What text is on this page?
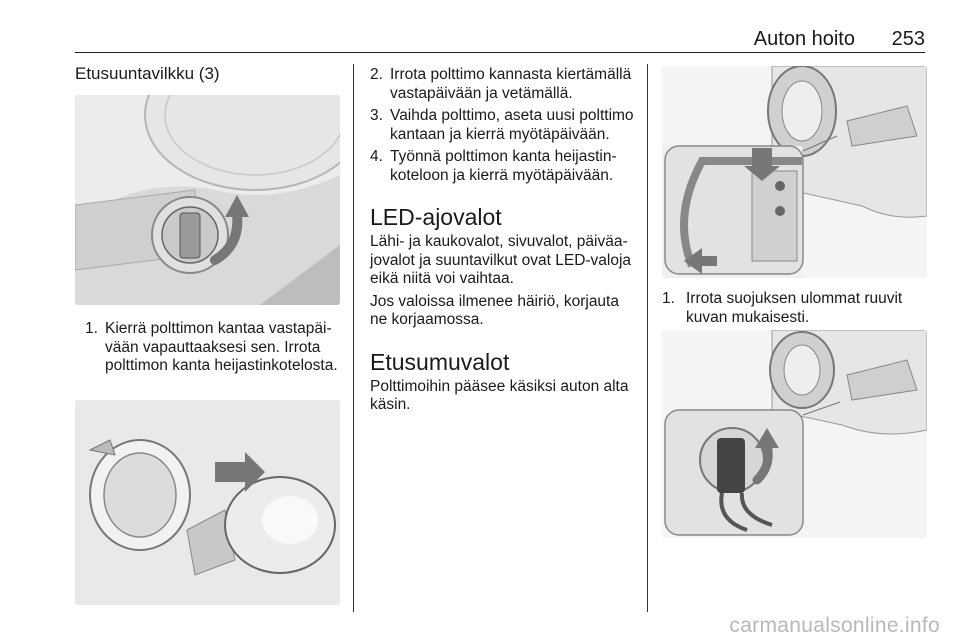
Auton hoito 253
Etusuuntavilkku (3)
1. Kierrä polttimon kantaa vastapäivään vapauttaaksesi sen. Irrota polttimon kanta heijastinkotelosta.
2. Irrota polttimo kannasta kiertämällä vastapäivään ja vetämällä.
3. Vaihda polttimo, aseta uusi polttimo kantaan ja kierrä myötäpäivään.
4. Työnnä polttimon kanta heijastinkoteloon ja kierrä myötäpäivään.
LED-ajovalot

Lähi- ja kaukovalot, sivuvalot, päiväajovalot ja suuntavilkut ovat LED-valoja eikä niitä voi vaihtaa.

Jos valoissa ilmenee häiriö, korjauta ne korjaamossa.

Etusumuvalot

Polttimoihin pääsee käsiksi auton alta käsin.

1. Irrota suojuksen ulommat ruuvit kuvan mukaisesti.
carmanualsonline.info
